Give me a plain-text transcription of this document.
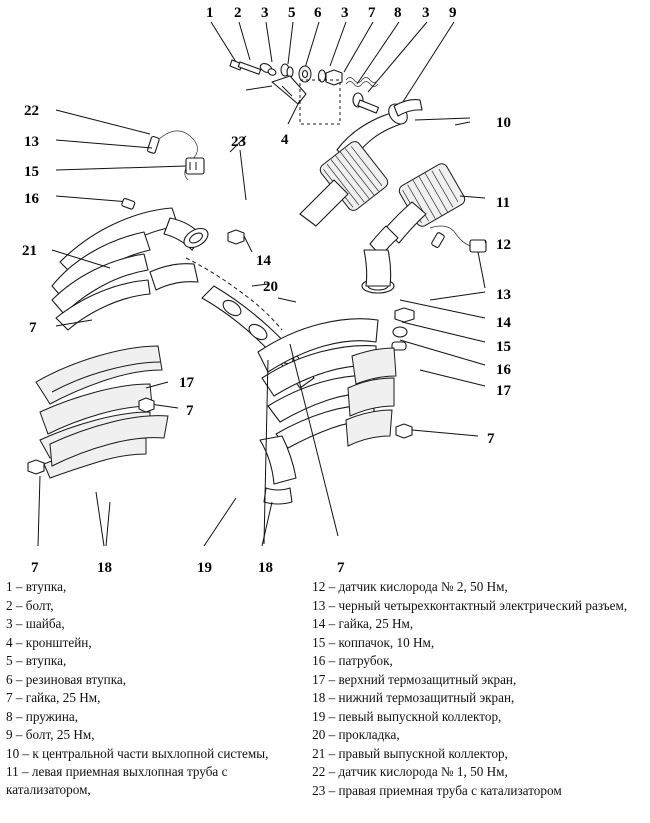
1 2 3 5 6 3 7 8 3 9
22
13
15
16
21
7
23 4
10
11
12
13
14
15
16
17
7
14
20
17
7
7	18	19	18	7

1 – втупка,

2 – болт,

3 – шайба,

4 – кронштейн,

5 – втупка,

6 – резиновая втупка,

7 – гайка, 25 Нм,

8 – пружина,

9 – болт, 25 Нм,

10 – к центральной части выхлопной системы,

11 – левая приемная выхлопная труба с катализатором,

12 – датчик кислорода № 2, 50 Нм,

13 – черный четырехконтактный электрический разъем,

14 – гайка, 25 Нм,

15 – коппачок, 10 Нм,

16 – патрубок,

17 – верхний термозащитный экран,

18 – нижний термозащитный экран,

19 – певый выпускной коллектор,

20 – прокладка,

21 – правый выпускной коллектор,

22 – датчик кислорода № 1, 50 Нм,

23 – правая приемная труба с катализатором
